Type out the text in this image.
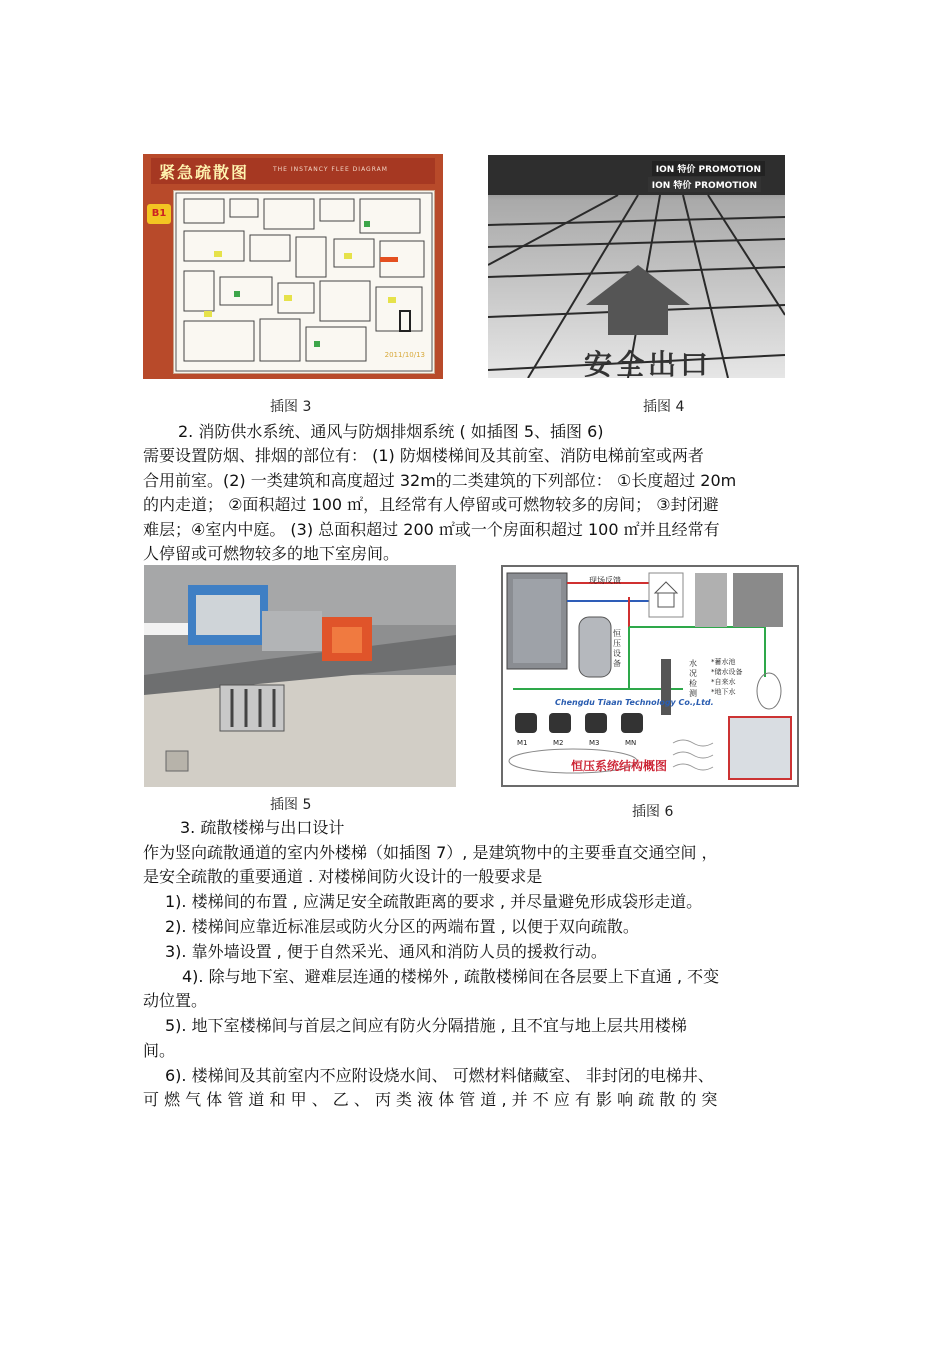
紧急疏散图	THE INSTANCY FLEE DIAGRAM
B1
2011/10/13
插图 3
ION 特价 PROMOTION
ION 特价 PROMOTION
安全出口
插图 4
2. 消防供水系统、通风与防烟排烟系统 ( 如插图 5、插图 6)
需要设置防烟、排烟的部位有： (1) 防烟楼梯间及其前室、消防电梯前室或两者
合用前室。(2) 一类建筑和高度超过 32m的二类建筑的下列部位： ①长度超过 20m
的内走道； ②面积超过 100 ㎡，且经常有人停留或可燃物较多的房间； ③封闭避
难层；④室内中庭。 (3) 总面积超过 200 ㎡或一个房面积超过 100 ㎡并且经常有
人停留或可燃物较多的地下室房间。
插图 5
现场反馈
恒压设备	水况检测
*蓄水池
*储水设备
*自来水
*地下水
Chengdu Tiaan Technology Co.,Ltd.
M1	M2	M3	MN
恒压系统结构概图
插图 6
3. 疏散楼梯与出口设计
作为竖向疏散通道的室内外楼梯（如插图 7）, 是建筑物中的主要垂直交通空间 ，
是安全疏散的重要通道 . 对楼梯间防火设计的一般要求是
1). 楼梯间的布置 , 应满足安全疏散距离的要求 , 并尽量避免形成袋形走道。
2). 楼梯间应靠近标准层或防火分区的两端布置 , 以便于双向疏散。
3). 靠外墙设置 , 便于自然采光、通风和消防人员的援救行动。
4). 除与地下室、避难层连通的楼梯外 , 疏散楼梯间在各层要上下直通 , 不变
动位置。
5). 地下室楼梯间与首层之间应有防火分隔措施 , 且不宜与地上层共用楼梯
间。
6). 楼梯间及其前室内不应附设烧水间、 可燃材料储藏室、 非封闭的电梯井、
可 燃 气 体 管 道 和 甲 、 乙 、 丙 类 液 体 管 道 , 并 不 应 有 影 响 疏 散 的 突
